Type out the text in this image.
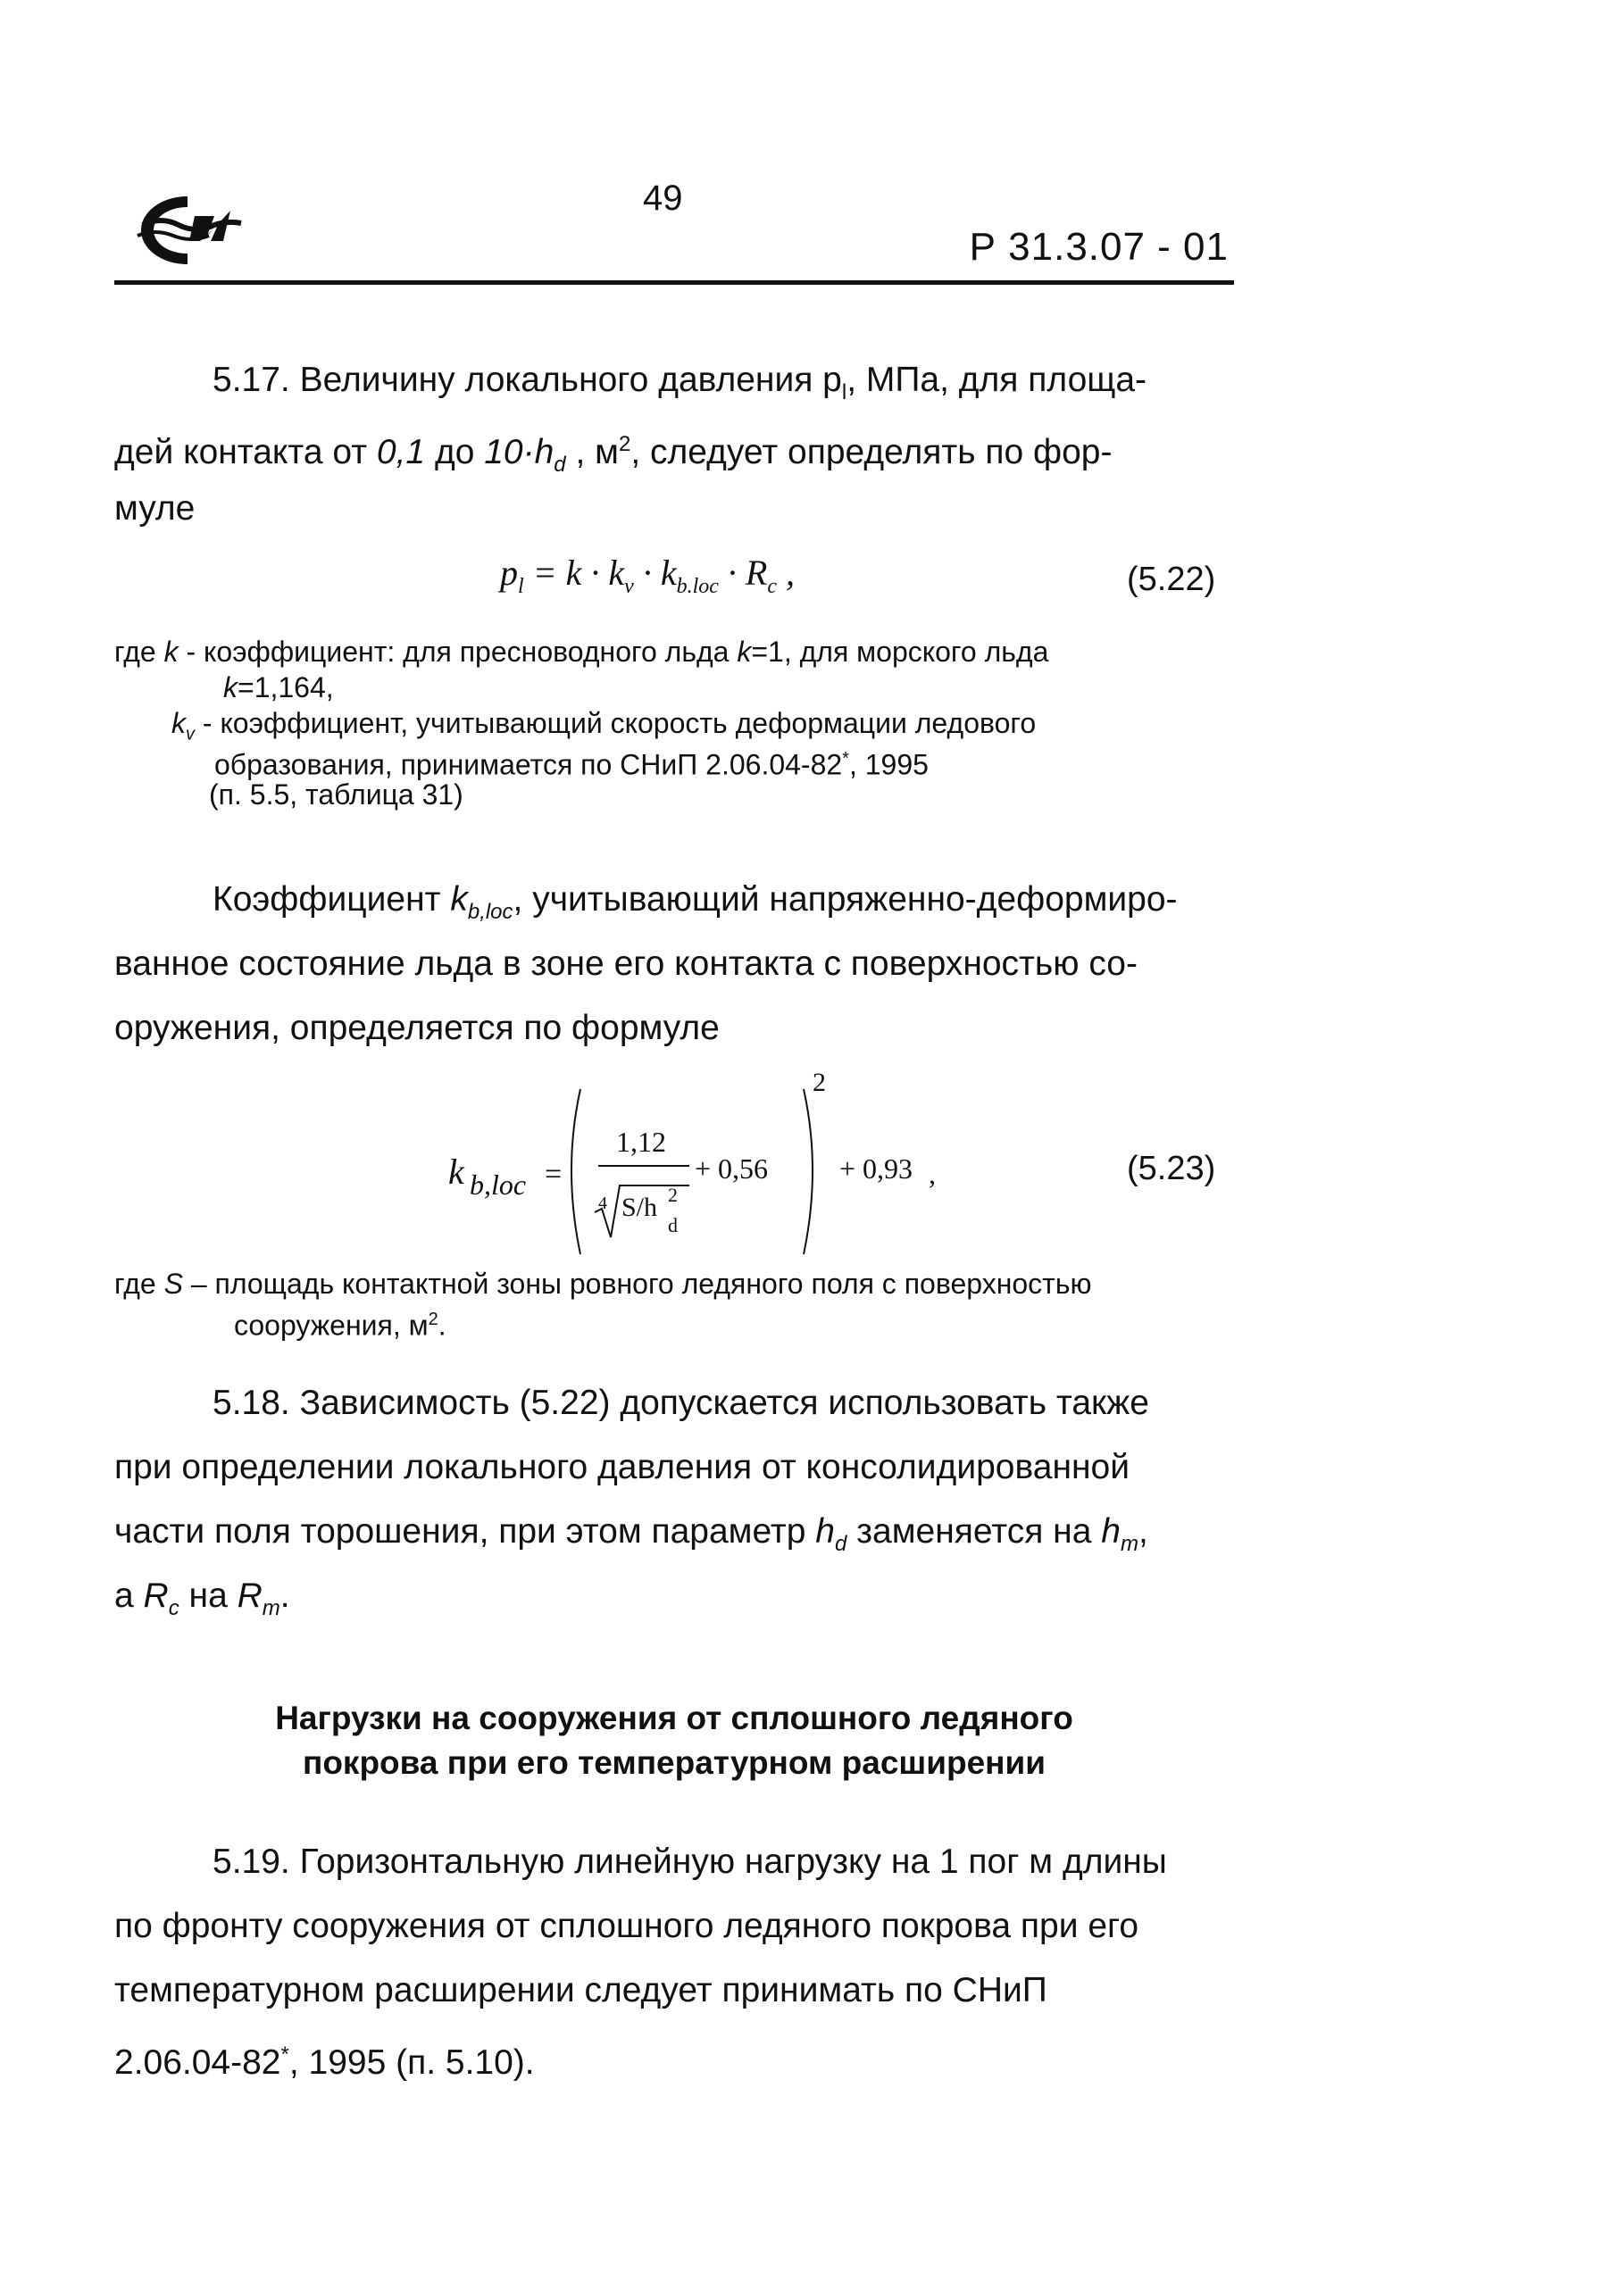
49
Р 31.3.07 - 01
5.17. Величину локального давления $p_l$, МПа, для площа-
дей контакта от 0,1 до $10\cdot h_d$ , $м^2$, следует определять по фор-
муле
$p_l = k \cdot k_v \cdot k_{b.loc} \cdot R_c$ ,	(5.22)
где k - коэффициент: для пресноводного льда k=1, для морского льда
k=1,164,
$k_v$ - коэффициент, учитывающий скорость деформации ледового
образования, принимается по СНиП 2.06.04-82*, 1995
(п. 5.5, таблица 31)
Коэффициент $k_{b,loc}$, учитывающий напряженно-деформиро-
ванное состояние льда в зоне его контакта с поверхностью со-
оружения, определяется по формуле
k b,loc =
1,12
4 S/h 2
d
+ 0,56
2
+ 0,93 ,	(5.23)
где S – площадь контактной зоны ровного ледяного поля с поверхностью
сооружения, $м^2$.
5.18. Зависимость (5.22) допускается использовать также
при определении локального давления от консолидированной
части поля торошения, при этом параметр $h_d$ заменяется на $h_m$,
а $R_c$ на $R_m$.
Нагрузки на сооружения от сплошного ледяного
покрова при его температурном расширении
5.19. Горизонтальную линейную нагрузку на 1 пог м длины
по фронту сооружения от сплошного ледяного покрова при его
температурном расширении следует принимать по СНиП
2.06.04-82*, 1995 (п. 5.10).
